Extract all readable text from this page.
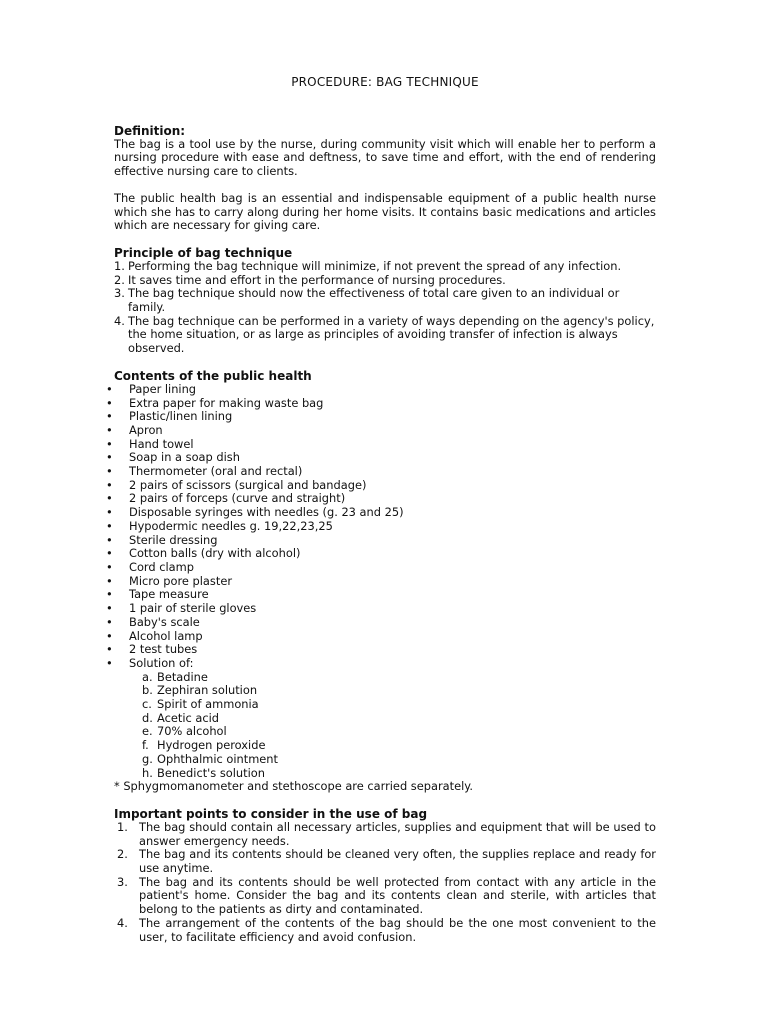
PROCEDURE: BAG TECHNIQUE
Definition:

The bag is a tool use by the nurse, during community visit which will enable her to perform a nursing procedure with ease and deftness, to save time and effort, with the end of rendering effective nursing care to clients.

The public health bag is an essential and indispensable equipment of a public health nurse which she has to carry along during her home visits. It contains basic medications and articles which are necessary for giving care.

Principle of bag technique
1. Performing the bag technique will minimize, if not prevent the spread of any infection.
2. It saves time and effort in the performance of nursing procedures.
3. The bag technique should now the effectiveness of total care given to an individual or family.
4. The bag technique can be performed in a variety of ways depending on the agency's policy, the home situation, or as large as principles of avoiding transfer of infection is always observed.
Contents of the public health
• Paper lining
• Extra paper for making waste bag
• Plastic/linen lining
• Apron
• Hand towel
• Soap in a soap dish
• Thermometer (oral and rectal)
• 2 pairs of scissors (surgical and bandage)
• 2 pairs of forceps (curve and straight)
• Disposable syringes with needles (g. 23 and 25)
• Hypodermic needles g. 19,22,23,25
• Sterile dressing
• Cotton balls (dry with alcohol)
• Cord clamp
• Micro pore plaster
• Tape measure
• 1 pair of sterile gloves
• Baby's scale
• Alcohol lamp
• 2 test tubes
• Solution of:
a. Betadine
b. Zephiran solution
c. Spirit of ammonia
d. Acetic acid
e. 70% alcohol
f. Hydrogen peroxide
g. Ophthalmic ointment
h. Benedict's solution
* Sphygmomanometer and stethoscope are carried separately.
Important points to consider in the use of bag
1. The bag should contain all necessary articles, supplies and equipment that will be used to answer emergency needs.
2. The bag and its contents should be cleaned very often, the supplies replace and ready for use anytime.
3. The bag and its contents should be well protected from contact with any article in the patient's home. Consider the bag and its contents clean and sterile, with articles that belong to the patients as dirty and contaminated.
4. The arrangement of the contents of the bag should be the one most convenient to the user, to facilitate efficiency and avoid confusion.
